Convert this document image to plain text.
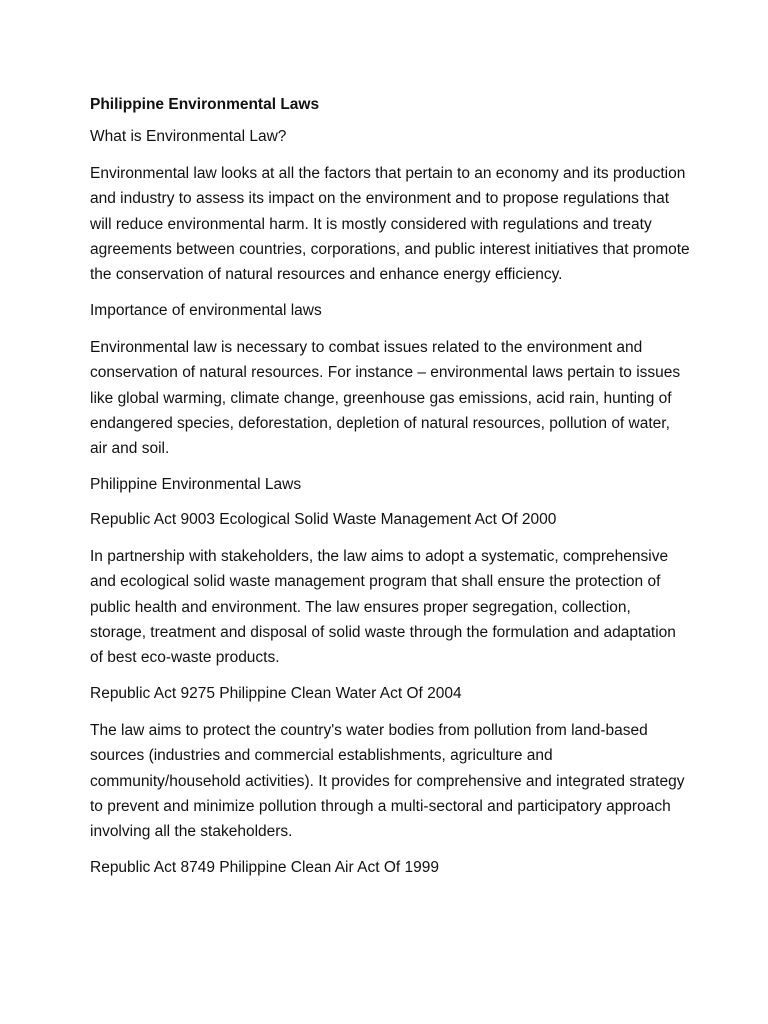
Philippine Environmental Laws
What is Environmental Law?
Environmental law looks at all the factors that pertain to an economy and its production and industry to assess its impact on the environment and to propose regulations that will reduce environmental harm. It is mostly considered with regulations and treaty agreements between countries, corporations, and public interest initiatives that promote the conservation of natural resources and enhance energy efficiency.
Importance of environmental laws
Environmental law is necessary to combat issues related to the environment and conservation of natural resources. For instance – environmental laws pertain to issues like global warming, climate change, greenhouse gas emissions, acid rain, hunting of endangered species, deforestation, depletion of natural resources, pollution of water, air and soil.
Philippine Environmental Laws
Republic Act 9003 Ecological Solid Waste Management Act Of 2000
In partnership with stakeholders, the law aims to adopt a systematic, comprehensive and ecological solid waste management program that shall ensure the protection of public health and environment. The law ensures proper segregation, collection, storage, treatment and disposal of solid waste through the formulation and adaptation of best eco-waste products.
Republic Act 9275 Philippine Clean Water Act Of 2004
The law aims to protect the country's water bodies from pollution from land-based sources (industries and commercial establishments, agriculture and community/household activities). It provides for comprehensive and integrated strategy to prevent and minimize pollution through a multi-sectoral and participatory approach involving all the stakeholders.
Republic Act 8749 Philippine Clean Air Act Of 1999
